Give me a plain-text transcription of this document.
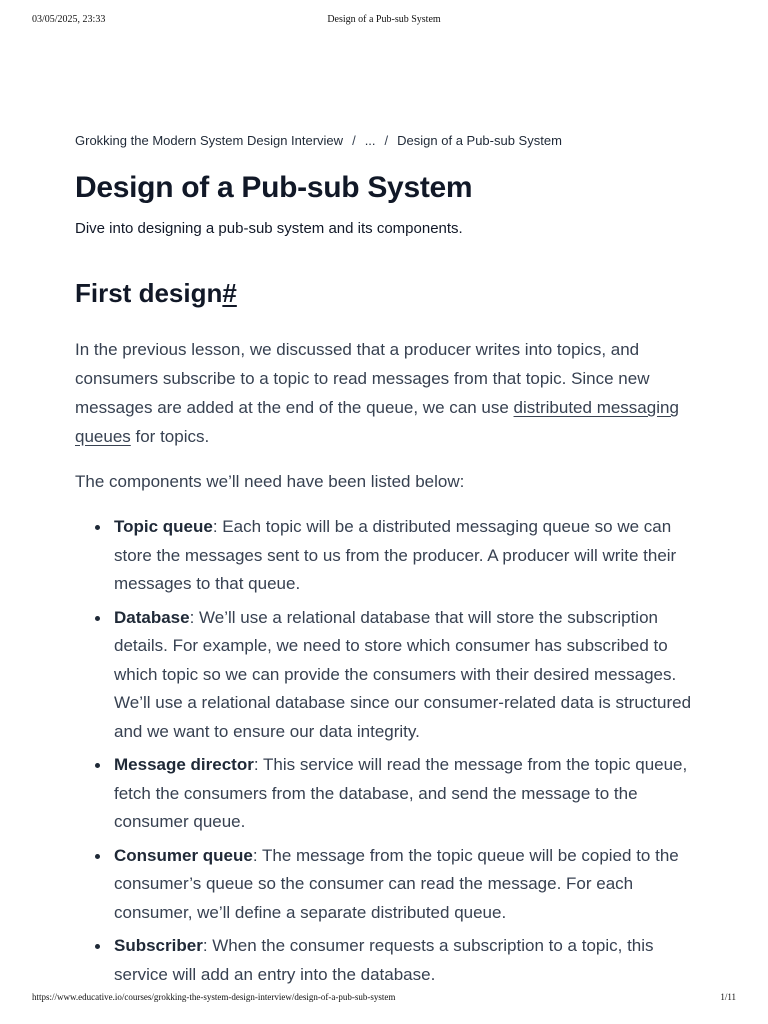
03/05/2025, 23:33	Design of a Pub-sub System
Grokking the Modern System Design Interview / ... / Design of a Pub-sub System
Design of a Pub-sub System
Dive into designing a pub-sub system and its components.
First design#

In the previous lesson, we discussed that a producer writes into topics, and consumers subscribe to a topic to read messages from that topic. Since new messages are added at the end of the queue, we can use distributed messaging queues for topics.

The components we’ll need have been listed below:

Topic queue: Each topic will be a distributed messaging queue so we can store the messages sent to us from the producer. A producer will write their messages to that queue.
Database: We’ll use a relational database that will store the subscription details. For example, we need to store which consumer has subscribed to which topic so we can provide the consumers with their desired messages. We’ll use a relational database since our consumer-related data is structured and we want to ensure our data integrity.
Message director: This service will read the message from the topic queue, fetch the consumers from the database, and send the message to the consumer queue.
Consumer queue: The message from the topic queue will be copied to the consumer’s queue so the consumer can read the message. For each consumer, we’ll define a separate distributed queue.
Subscriber: When the consumer requests a subscription to a topic, this service will add an entry into the database.
https://www.educative.io/courses/grokking-the-system-design-interview/design-of-a-pub-sub-system	1/11
